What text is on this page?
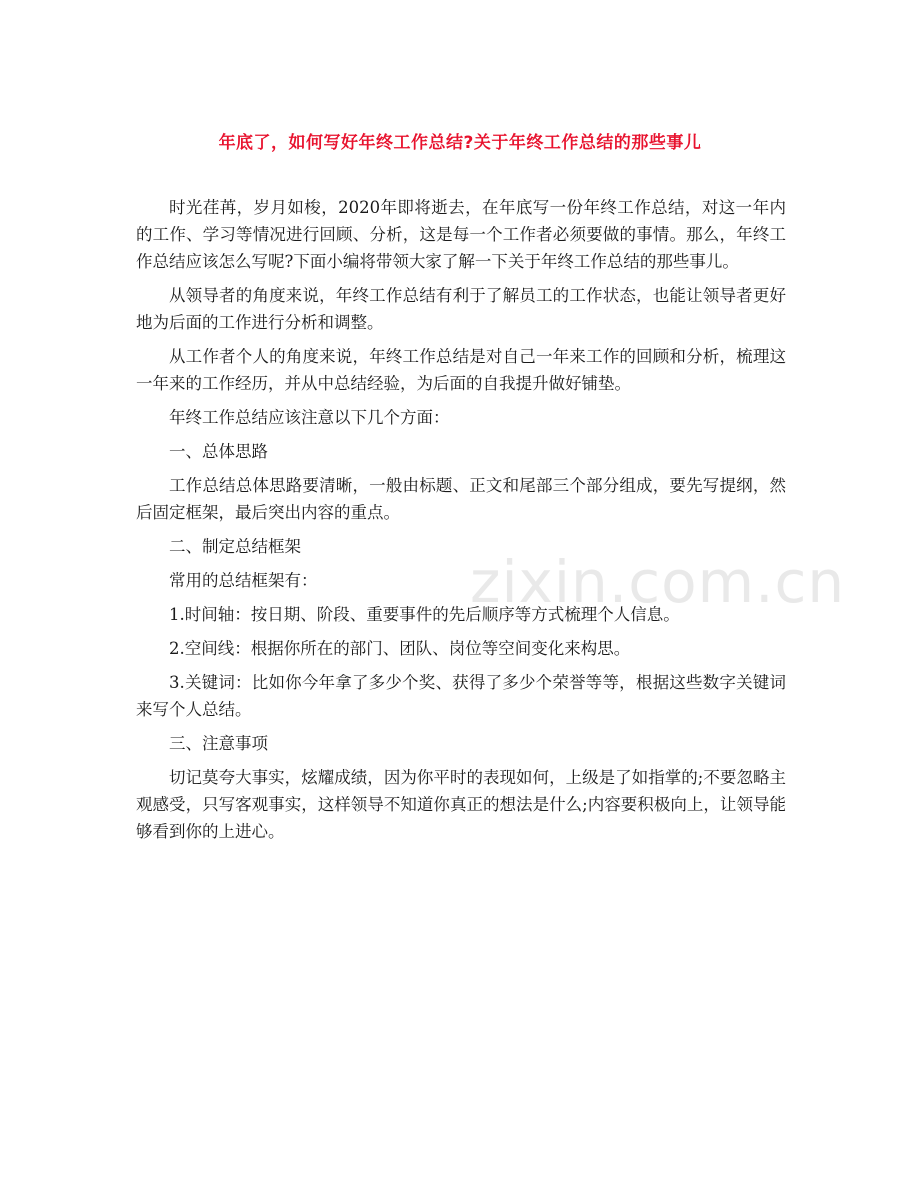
年底了，如何写好年终工作总结?关于年终工作总结的那些事儿

时光荏苒，岁月如梭，2020年即将逝去，在年底写一份年终工作总结，对这一年内的工作、学习等情况进行回顾、分析，这是每一个工作者必须要做的事情。那么，年终工作总结应该怎么写呢?下面小编将带领大家了解一下关于年终工作总结的那些事儿。

从领导者的角度来说，年终工作总结有利于了解员工的工作状态，也能让领导者更好地为后面的工作进行分析和调整。

从工作者个人的角度来说，年终工作总结是对自己一年来工作的回顾和分析，梳理这一年来的工作经历，并从中总结经验，为后面的自我提升做好铺垫。

年终工作总结应该注意以下几个方面：

一、总体思路

工作总结总体思路要清晰，一般由标题、正文和尾部三个部分组成，要先写提纲，然后固定框架，最后突出内容的重点。

二、制定总结框架

常用的总结框架有：

1.时间轴：按日期、阶段、重要事件的先后顺序等方式梳理个人信息。

2.空间线：根据你所在的部门、团队、岗位等空间变化来构思。

3.关键词：比如你今年拿了多少个奖、获得了多少个荣誉等等，根据这些数字关键词来写个人总结。

三、注意事项

切记莫夸大事实，炫耀成绩，因为你平时的表现如何，上级是了如指掌的;不要忽略主观感受，只写客观事实，这样领导不知道你真正的想法是什么;内容要积极向上，让领导能够看到你的上进心。

zixin.com.cn
